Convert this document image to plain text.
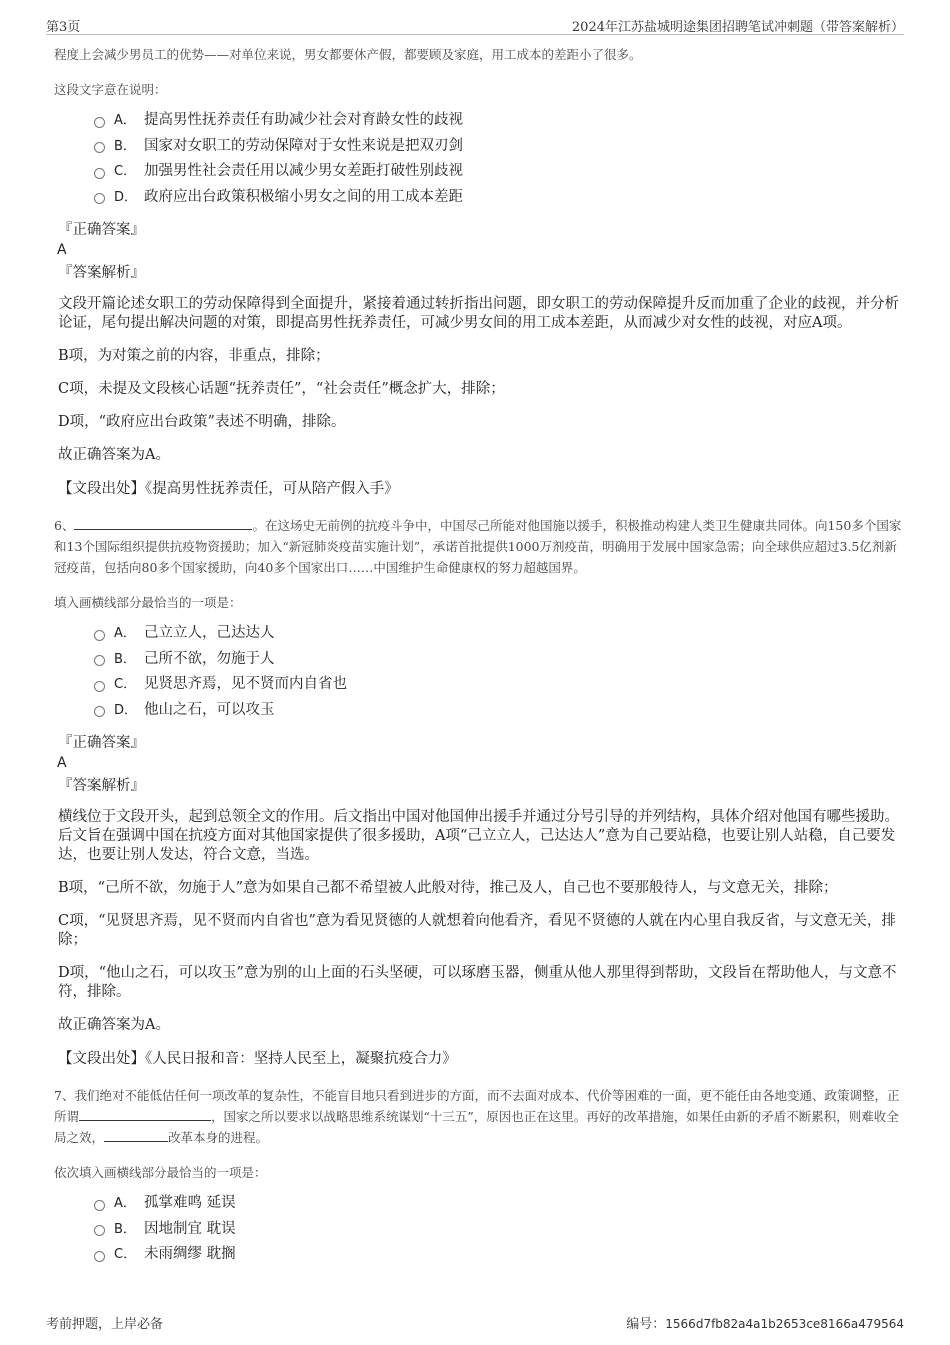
第3页	2024年江苏盐城明途集团招聘笔试冲刺题（带答案解析）

程度上会减少男员工的优势——对单位来说，男女都要休产假，都要顾及家庭，用工成本的差距小了很多。

这段文字意在说明：

A． 提高男性抚养责任有助减少社会对育龄女性的歧视
B． 国家对女职工的劳动保障对于女性来说是把双刃剑
C． 加强男性社会责任用以减少男女差距打破性别歧视
D． 政府应出台政策积极缩小男女之间的用工成本差距

『正确答案』

A

『答案解析』

文段开篇论述女职工的劳动保障得到全面提升，紧接着通过转折指出问题，即女职工的劳动保障提升反而加重了企业的歧视，并分析论证，尾句提出解决问题的对策，即提高男性抚养责任，可减少男女间的用工成本差距，从而减少对女性的歧视，对应A项。

B项，为对策之前的内容，非重点，排除；

C项，未提及文段核心话题“抚养责任”，“社会责任”概念扩大，排除；

D项，“政府应出台政策”表述不明确，排除。

故正确答案为A。

【文段出处】《提高男性抚养责任，可从陪产假入手》

6、	。在这场史无前例的抗疫斗争中，中国尽己所能对他国施以援手，积极推动构建人类卫生健康共同体。向150多个国家和13个国际组织提供抗疫物资援助；加入“新冠肺炎疫苗实施计划”，承诺首批提供1000万剂疫苗，明确用于发展中国家急需；向全球供应超过3.5亿剂新冠疫苗，包括向80多个国家援助，向40多个国家出口……中国维护生命健康权的努力超越国界。

填入画横线部分最恰当的一项是：

A． 己立立人，己达达人
B． 己所不欲，勿施于人
C． 见贤思齐焉，见不贤而内自省也
D． 他山之石，可以攻玉

『正确答案』

A

『答案解析』

横线位于文段开头，起到总领全文的作用。后文指出中国对他国伸出援手并通过分号引导的并列结构，具体介绍对他国有哪些援助。后文旨在强调中国在抗疫方面对其他国家提供了很多援助，A项“己立立人，己达达人”意为自己要站稳，也要让别人站稳，自己要发达，也要让别人发达，符合文意，当选。

B项，“己所不欲，勿施于人”意为如果自己都不希望被人此般对待，推己及人，自己也不要那般待人，与文意无关，排除；

C项，“见贤思齐焉，见不贤而内自省也”意为看见贤德的人就想着向他看齐，看见不贤德的人就在内心里自我反省，与文意无关，排除；

D项，“他山之石，可以攻玉”意为别的山上面的石头坚硬，可以琢磨玉器，侧重从他人那里得到帮助，文段旨在帮助他人，与文意不符，排除。

故正确答案为A。

【文段出处】《人民日报和音：坚持人民至上，凝聚抗疫合力》

7、我们绝对不能低估任何一项改革的复杂性，不能盲目地只看到进步的方面，而不去面对成本、代价等困难的一面，更不能任由各地变通、政策调整，正所谓	，国家之所以要求以战略思维系统谋划“十三五”，原因也正在这里。再好的改革措施，如果任由新的矛盾不断累积，则难收全局之效，	改革本身的进程。

依次填入画横线部分最恰当的一项是：

A． 孤掌难鸣 延误
B． 因地制宜 耽误
C． 未雨绸缪 耽搁
考前押题，上岸必备	编号：1566d7fb82a4a1b2653ce8166a479564
